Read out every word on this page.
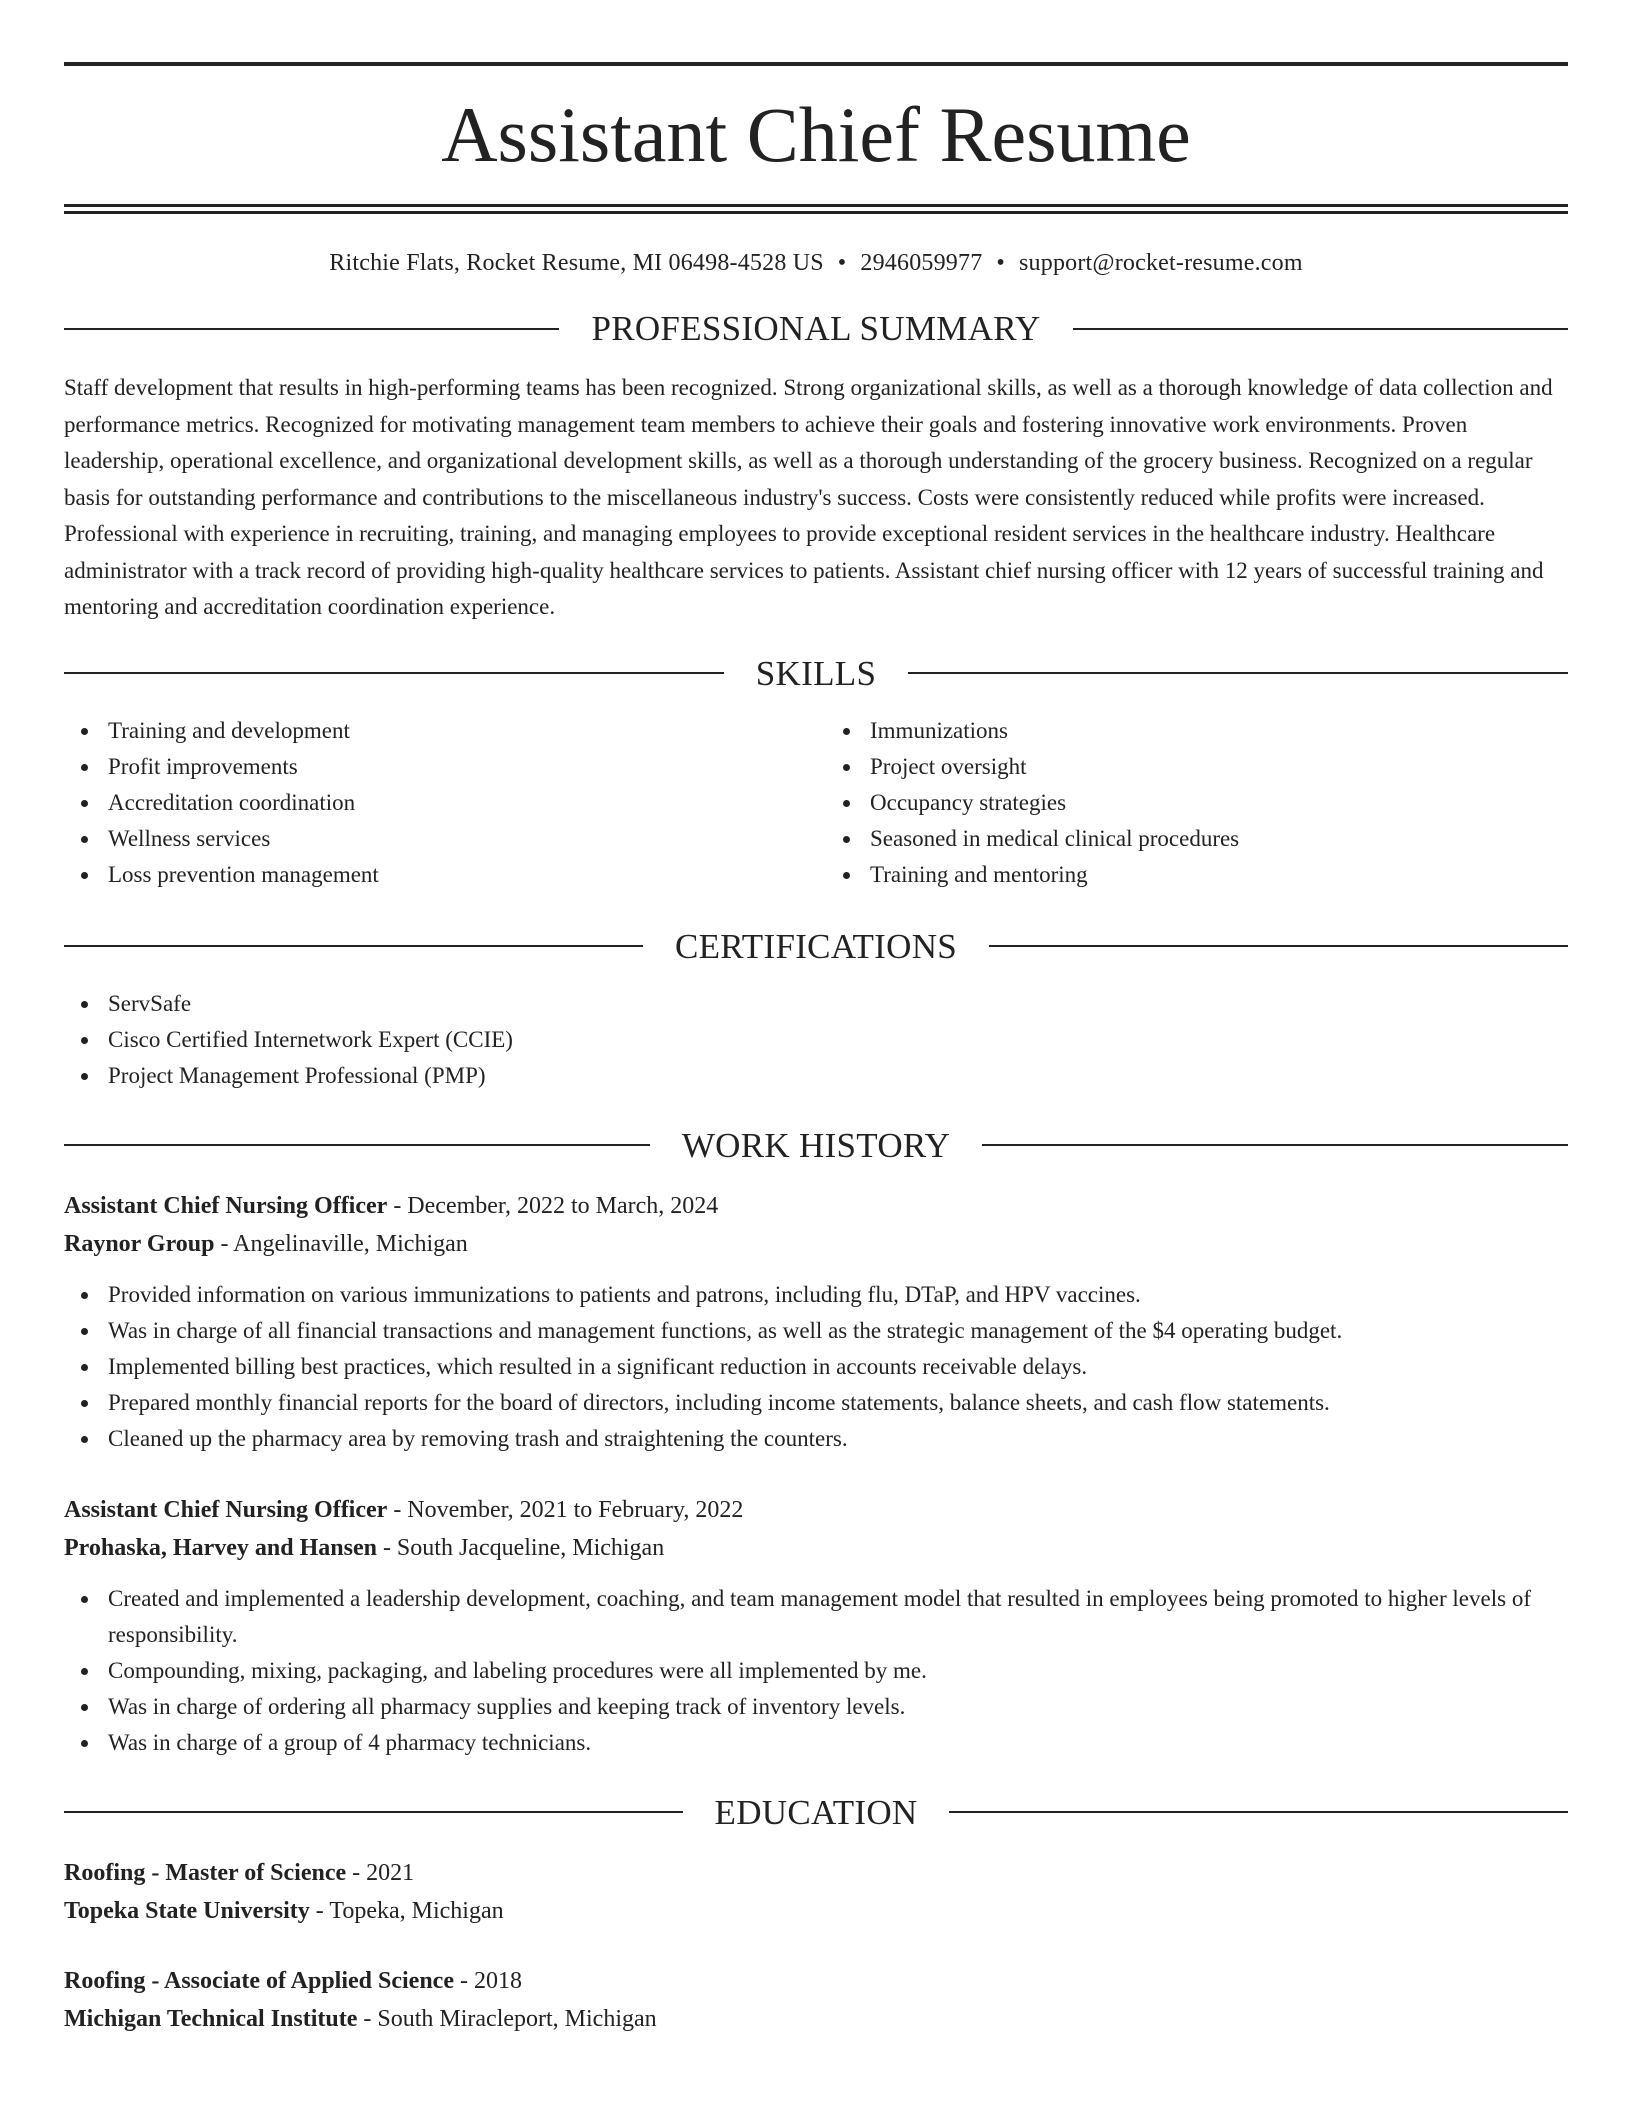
Assistant Chief Resume
Ritchie Flats, Rocket Resume, MI 06498-4528 US • 2946059977 • support@rocket-resume.com
PROFESSIONAL SUMMARY
Staff development that results in high-performing teams has been recognized. Strong organizational skills, as well as a thorough knowledge of data collection and performance metrics. Recognized for motivating management team members to achieve their goals and fostering innovative work environments. Proven leadership, operational excellence, and organizational development skills, as well as a thorough understanding of the grocery business. Recognized on a regular basis for outstanding performance and contributions to the miscellaneous industry's success. Costs were consistently reduced while profits were increased. Professional with experience in recruiting, training, and managing employees to provide exceptional resident services in the healthcare industry. Healthcare administrator with a track record of providing high-quality healthcare services to patients. Assistant chief nursing officer with 12 years of successful training and mentoring and accreditation coordination experience.
SKILLS
Training and development
Profit improvements
Accreditation coordination
Wellness services
Loss prevention management
Immunizations
Project oversight
Occupancy strategies
Seasoned in medical clinical procedures
Training and mentoring
CERTIFICATIONS
ServSafe
Cisco Certified Internetwork Expert (CCIE)
Project Management Professional (PMP)
WORK HISTORY
Assistant Chief Nursing Officer - December, 2022 to March, 2024
Raynor Group - Angelinaville, Michigan
Provided information on various immunizations to patients and patrons, including flu, DTaP, and HPV vaccines.
Was in charge of all financial transactions and management functions, as well as the strategic management of the $4 operating budget.
Implemented billing best practices, which resulted in a significant reduction in accounts receivable delays.
Prepared monthly financial reports for the board of directors, including income statements, balance sheets, and cash flow statements.
Cleaned up the pharmacy area by removing trash and straightening the counters.
Assistant Chief Nursing Officer - November, 2021 to February, 2022
Prohaska, Harvey and Hansen - South Jacqueline, Michigan
Created and implemented a leadership development, coaching, and team management model that resulted in employees being promoted to higher levels of responsibility.
Compounding, mixing, packaging, and labeling procedures were all implemented by me.
Was in charge of ordering all pharmacy supplies and keeping track of inventory levels.
Was in charge of a group of 4 pharmacy technicians.
EDUCATION
Roofing - Master of Science - 2021
Topeka State University - Topeka, Michigan
Roofing - Associate of Applied Science - 2018
Michigan Technical Institute - South Miracleport, Michigan
